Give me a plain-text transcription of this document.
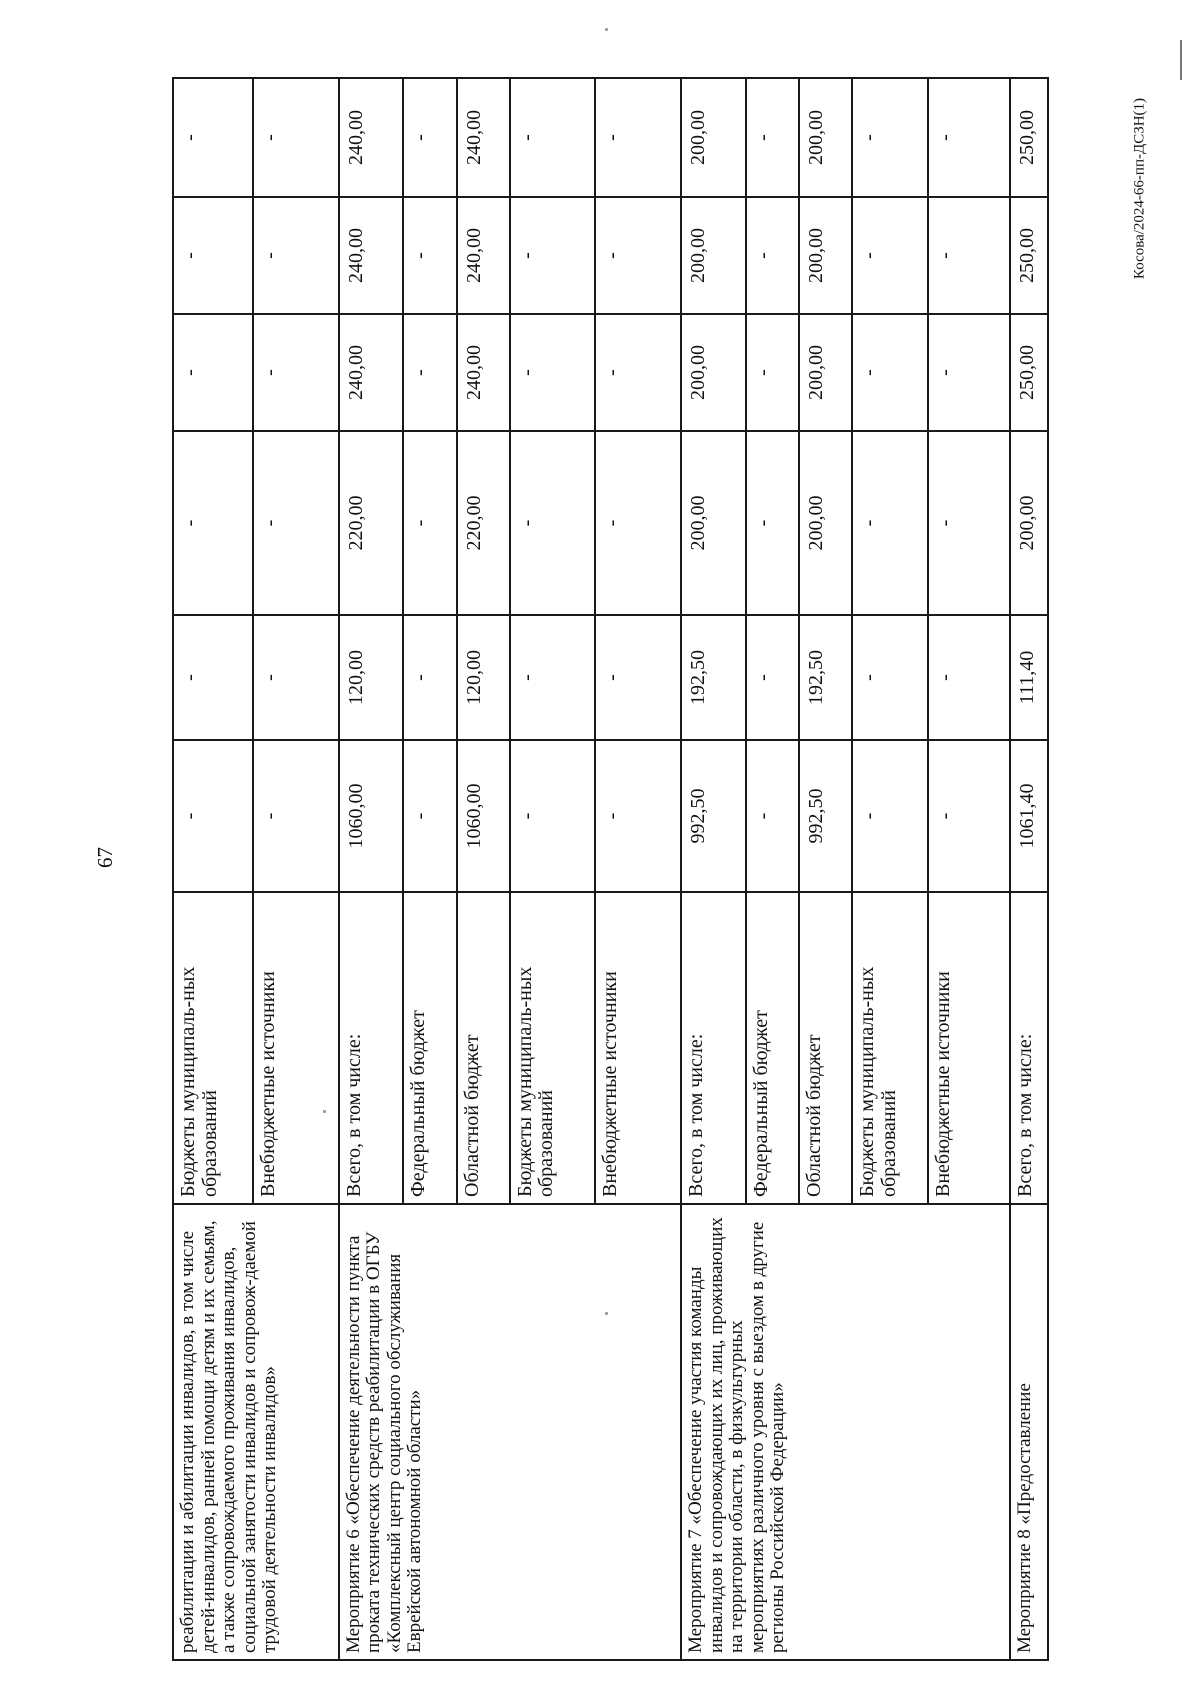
67
Косова/2024-66-пп-ДСЗН(1)
реабилитации и абилитации инвалидов, в том числе детей-инвалидов, ранней помощи детям и их семьям, а также сопровождаемого проживания инвалидов, социальной занятости инвалидов и сопровож-даемой трудовой деятельности инвалидов»	Бюджеты муниципаль-ных образований	-	-	-	-	-	-
	Внебюджетные источники	-	-	-	-	-	-
Мероприятие 6 «Обеспечение деятельности пункта проката технических средств реабилитации в ОГБУ «Комплексный центр социального обслуживания Еврейской автономной области»	Всего, в том числе:	1060,00	120,00	220,00	240,00	240,00	240,00
	Федеральный бюджет	-	-	-	-	-	-
	Областной бюджет	1060,00	120,00	220,00	240,00	240,00	240,00
	Бюджеты муниципаль-ных образований	-	-	-	-	-	-
	Внебюджетные источники	-	-	-	-	-	-
Мероприятие 7 «Обеспечение участия команды инвалидов и сопровождающих их лиц, проживающих на территории области, в физкультурных мероприятиях различного уровня с выездом в другие регионы Российской Федерации»	Всего, в том числе:	992,50	192,50	200,00	200,00	200,00	200,00
	Федеральный бюджет	-	-	-	-	-	-
	Областной бюджет	992,50	192,50	200,00	200,00	200,00	200,00
	Бюджеты муниципаль-ных образований	-	-	-	-	-	-
	Внебюджетные источники	-	-	-	-	-	-
Мероприятие 8 «Предоставление	Всего, в том числе:	1061,40	111,40	200,00	250,00	250,00	250,00
